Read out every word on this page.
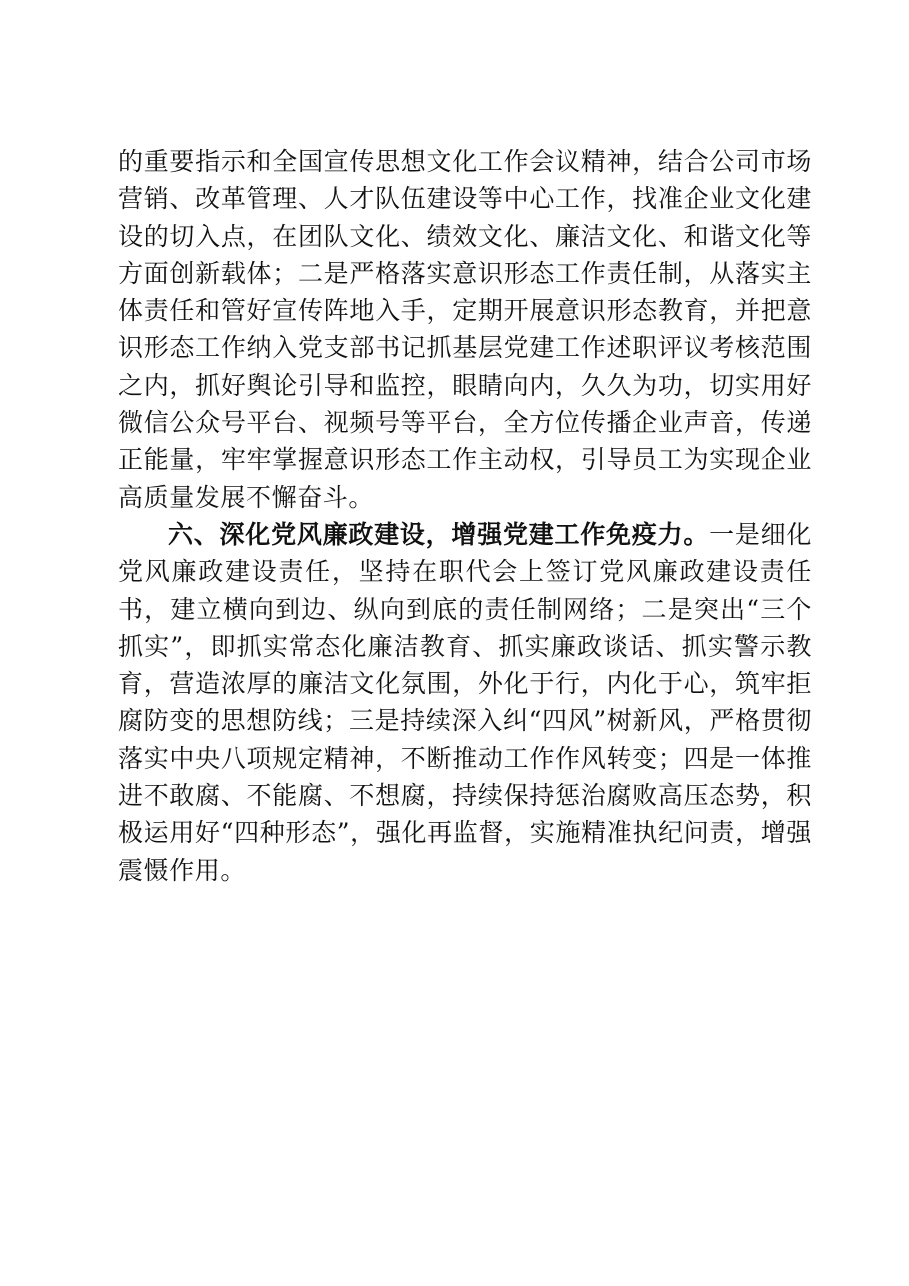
的重要指示和全国宣传思想文化工作会议精神，结合公司市场营销、改革管理、人才队伍建设等中心工作，找准企业文化建设的切入点，在团队文化、绩效文化、廉洁文化、和谐文化等方面创新载体；二是严格落实意识形态工作责任制，从落实主体责任和管好宣传阵地入手，定期开展意识形态教育，并把意识形态工作纳入党支部书记抓基层党建工作述职评议考核范围之内，抓好舆论引导和监控，眼睛向内，久久为功，切实用好微信公众号平台、视频号等平台，全方位传播企业声音，传递正能量，牢牢掌握意识形态工作主动权，引导员工为实现企业高质量发展不懈奋斗。

六、深化党风廉政建设，增强党建工作免疫力。一是细化党风廉政建设责任，坚持在职代会上签订党风廉政建设责任书，建立横向到边、纵向到底的责任制网络；二是突出“三个抓实”，即抓实常态化廉洁教育、抓实廉政谈话、抓实警示教育，营造浓厚的廉洁文化氛围，外化于行，内化于心，筑牢拒腐防变的思想防线；三是持续深入纠“四风”树新风，严格贯彻落实中央八项规定精神，不断推动工作作风转变；四是一体推进不敢腐、不能腐、不想腐，持续保持惩治腐败高压态势，积极运用好“四种形态”，强化再监督，实施精准执纪问责，增强震慑作用。
